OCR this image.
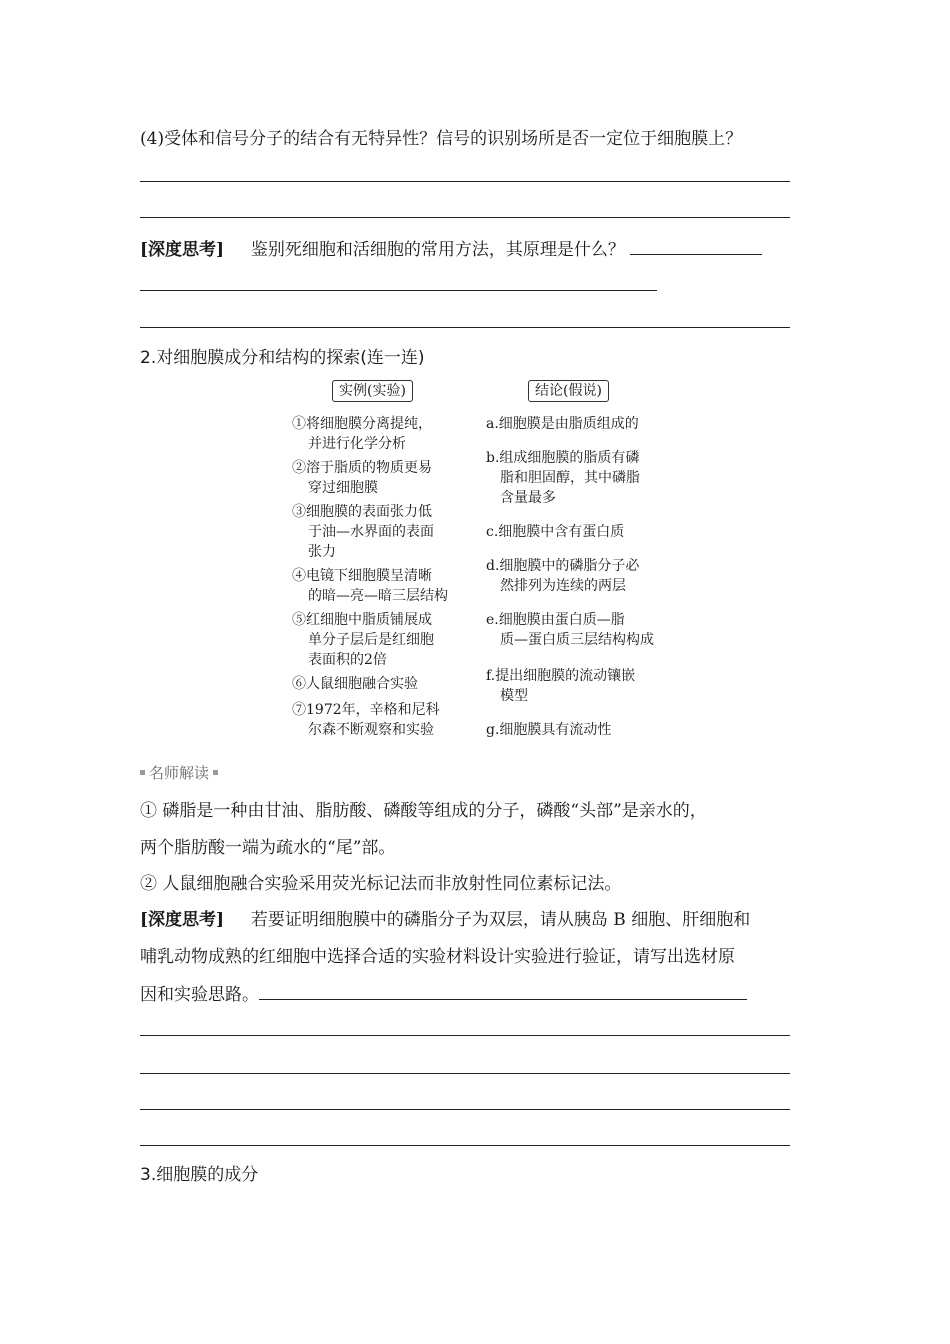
(4)受体和信号分子的结合有无特异性？信号的识别场所是否一定位于细胞膜上？
[深度思考] 鉴别死细胞和活细胞的常用方法，其原理是什么？
2.对细胞膜成分和结构的探索(连一连)
实例(实验)	结论(假说)
①将细胞膜分离提纯，
并进行化学分析
②溶于脂质的物质更易
穿过细胞膜
③细胞膜的表面张力低
于油—水界面的表面
张力
④电镜下细胞膜呈清晰
的暗—亮—暗三层结构
⑤红细胞中脂质铺展成
单分子层后是红细胞
表面积的2倍
⑥人鼠细胞融合实验
⑦1972年，辛格和尼科
尔森不断观察和实验
a.细胞膜是由脂质组成的
b.组成细胞膜的脂质有磷
脂和胆固醇，其中磷脂
含量最多
c.细胞膜中含有蛋白质
d.细胞膜中的磷脂分子必
然排列为连续的两层
e.细胞膜由蛋白质—脂
质—蛋白质三层结构构成
f.提出细胞膜的流动镶嵌
模型
g.细胞膜具有流动性
名师解读
① 磷脂是一种由甘油、脂肪酸、磷酸等组成的分子，磷酸“头部”是亲水的，
两个脂肪酸一端为疏水的“尾”部。
② 人鼠细胞融合实验采用荧光标记法而非放射性同位素标记法。
[深度思考] 若要证明细胞膜中的磷脂分子为双层，请从胰岛 B 细胞、肝细胞和
哺乳动物成熟的红细胞中选择合适的实验材料设计实验进行验证，请写出选材原
因和实验思路。
3.细胞膜的成分
